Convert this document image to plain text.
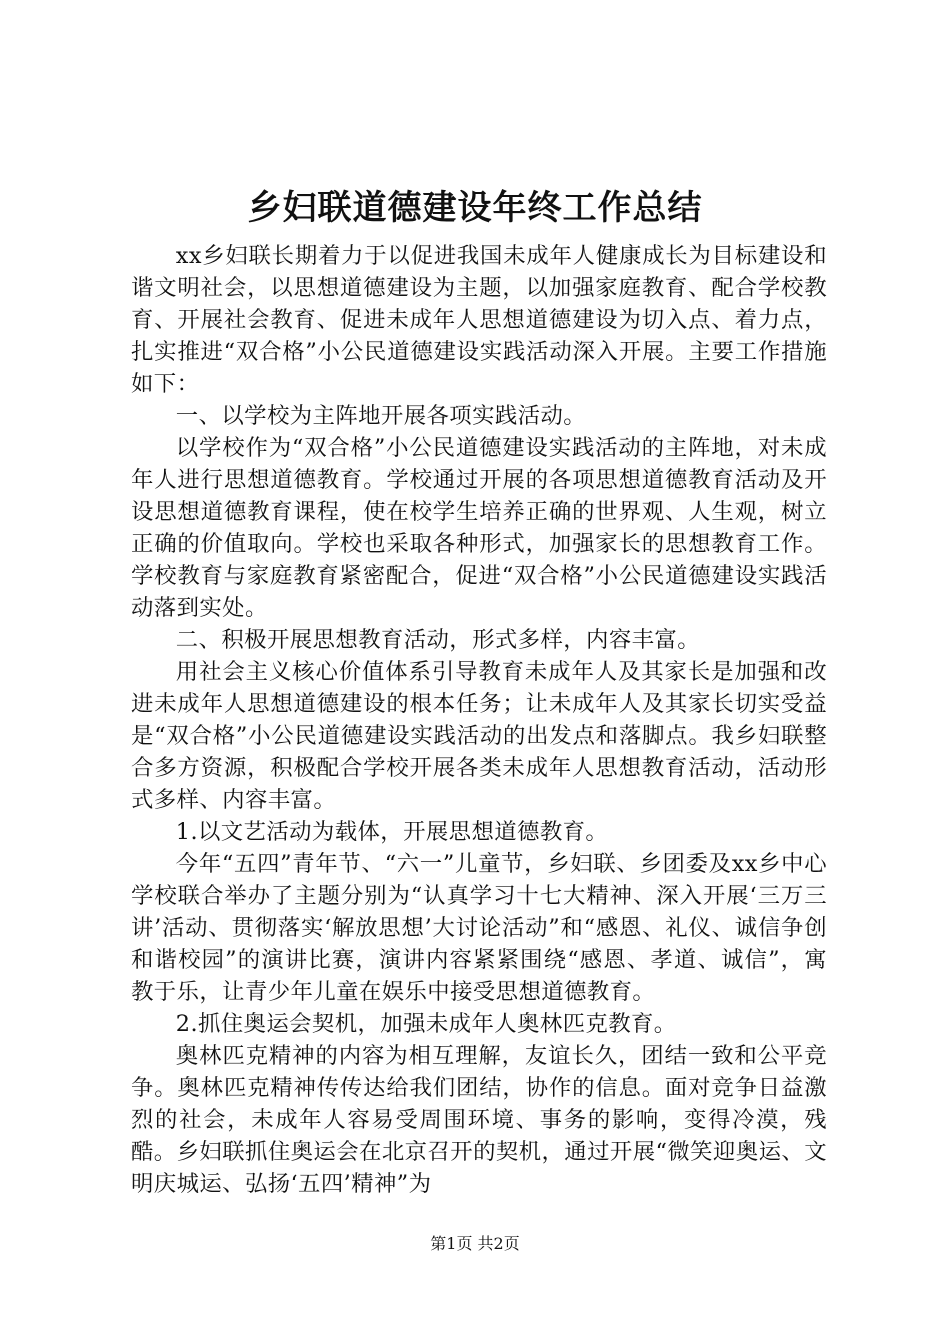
乡妇联道德建设年终工作总结

xx乡妇联长期着力于以促进我国未成年人健康成长为目标建设和谐文明社会，以思想道德建设为主题，以加强家庭教育、配合学校教育、开展社会教育、促进未成年人思想道德建设为切入点、着力点，扎实推进“双合格”小公民道德建设实践活动深入开展。主要工作措施如下：

一、以学校为主阵地开展各项实践活动。

以学校作为“双合格”小公民道德建设实践活动的主阵地，对未成年人进行思想道德教育。学校通过开展的各项思想道德教育活动及开设思想道德教育课程，使在校学生培养正确的世界观、人生观，树立正确的价值取向。学校也采取各种形式，加强家长的思想教育工作。学校教育与家庭教育紧密配合，促进“双合格”小公民道德建设实践活动落到实处。

二、积极开展思想教育活动，形式多样，内容丰富。

用社会主义核心价值体系引导教育未成年人及其家长是加强和改进未成年人思想道德建设的根本任务；让未成年人及其家长切实受益是“双合格”小公民道德建设实践活动的出发点和落脚点。我乡妇联整合多方资源，积极配合学校开展各类未成年人思想教育活动，活动形式多样、内容丰富。

1.以文艺活动为载体，开展思想道德教育。

今年“五四”青年节、“六一”儿童节，乡妇联、乡团委及xx乡中心学校联合举办了主题分别为“认真学习十七大精神、深入开展‘三万三讲’活动、贯彻落实‘解放思想’大讨论活动”和“感恩、礼仪、诚信争创和谐校园”的演讲比赛，演讲内容紧紧围绕“感恩、孝道、诚信”，寓教于乐，让青少年儿童在娱乐中接受思想道德教育。

2.抓住奥运会契机，加强未成年人奥林匹克教育。

奥林匹克精神的内容为相互理解，友谊长久，团结一致和公平竞争。奥林匹克精神传传达给我们团结，协作的信息。面对竞争日益激烈的社会，未成年人容易受周围环境、事务的影响，变得冷漠，残酷。乡妇联抓住奥运会在北京召开的契机，通过开展“微笑迎奥运、文明庆城运、弘扬‘五四’精神”为

第1页 共2页
